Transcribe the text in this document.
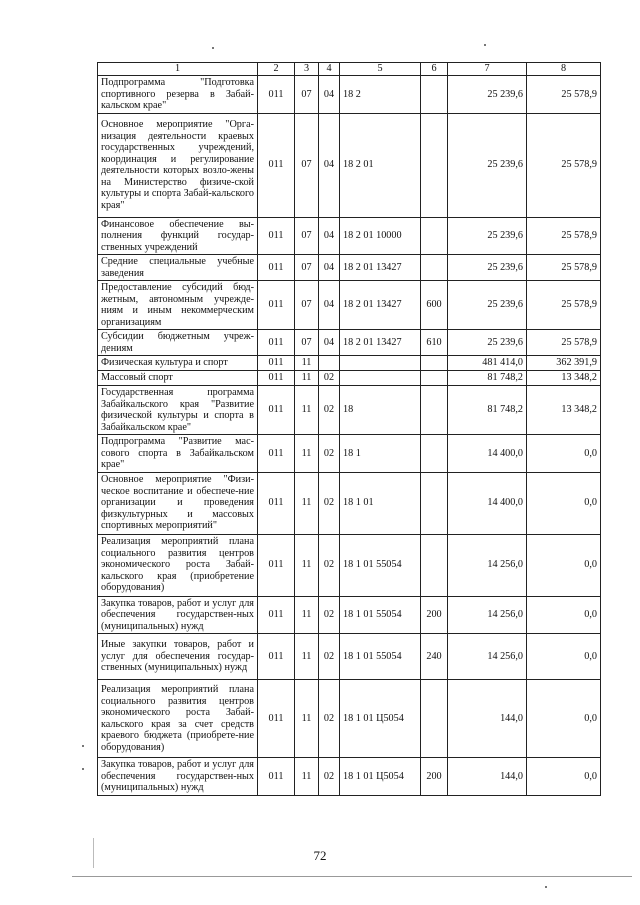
1	2	3	4	5	6	7	8
Подпрограмма "Подготовка спортивного резерва в Забай-кальском крае"	011	07	04	18 2		25 239,6	25 578,9
Основное мероприятие "Орга-низация деятельности краевых государственных учреждений, координация и регулирование деятельности которых возло-жены на Министерство физиче-ской культуры и спорта Забай-кальского края"	011	07	04	18 2 01		25 239,6	25 578,9
Финансовое обеспечение вы-полнения функций государ-ственных учреждений	011	07	04	18 2 01 10000		25 239,6	25 578,9
Средние специальные учебные заведения	011	07	04	18 2 01 13427		25 239,6	25 578,9
Предоставление субсидий бюд-жетным, автономным учрежде-ниям и иным некоммерческим организациям	011	07	04	18 2 01 13427	600	25 239,6	25 578,9
Субсидии бюджетным учреж-дениям	011	07	04	18 2 01 13427	610	25 239,6	25 578,9
Физическая культура и спорт	011	11				481 414,0	362 391,9
Массовый спорт	011	11	02			81 748,2	13 348,2
Государственная программа Забайкальского края "Развитие физической культуры и спорта в Забайкальском крае"	011	11	02	18		81 748,2	13 348,2
Подпрограмма "Развитие мас-сового спорта в Забайкальском крае"	011	11	02	18 1		14 400,0	0,0
Основное мероприятие "Физи-ческое воспитание и обеспече-ние организации и проведения физкультурных и массовых спортивных мероприятий"	011	11	02	18 1 01		14 400,0	0,0
Реализация мероприятий плана социального развития центров экономического роста Забай-кальского края (приобретение оборудования)	011	11	02	18 1 01 55054		14 256,0	0,0
Закупка товаров, работ и услуг для обеспечения государствен-ных (муниципальных) нужд	011	11	02	18 1 01 55054	200	14 256,0	0,0
Иные закупки товаров, работ и услуг для обеспечения государ-ственных (муниципальных) нужд	011	11	02	18 1 01 55054	240	14 256,0	0,0
Реализация мероприятий плана социального развития центров экономического роста Забай-кальского края за счет средств краевого бюджета (приобрете-ние оборудования)	011	11	02	18 1 01 Ц5054		144,0	0,0
Закупка товаров, работ и услуг для обеспечения государствен-ных (муниципальных) нужд	011	11	02	18 1 01 Ц5054	200	144,0	0,0
72
